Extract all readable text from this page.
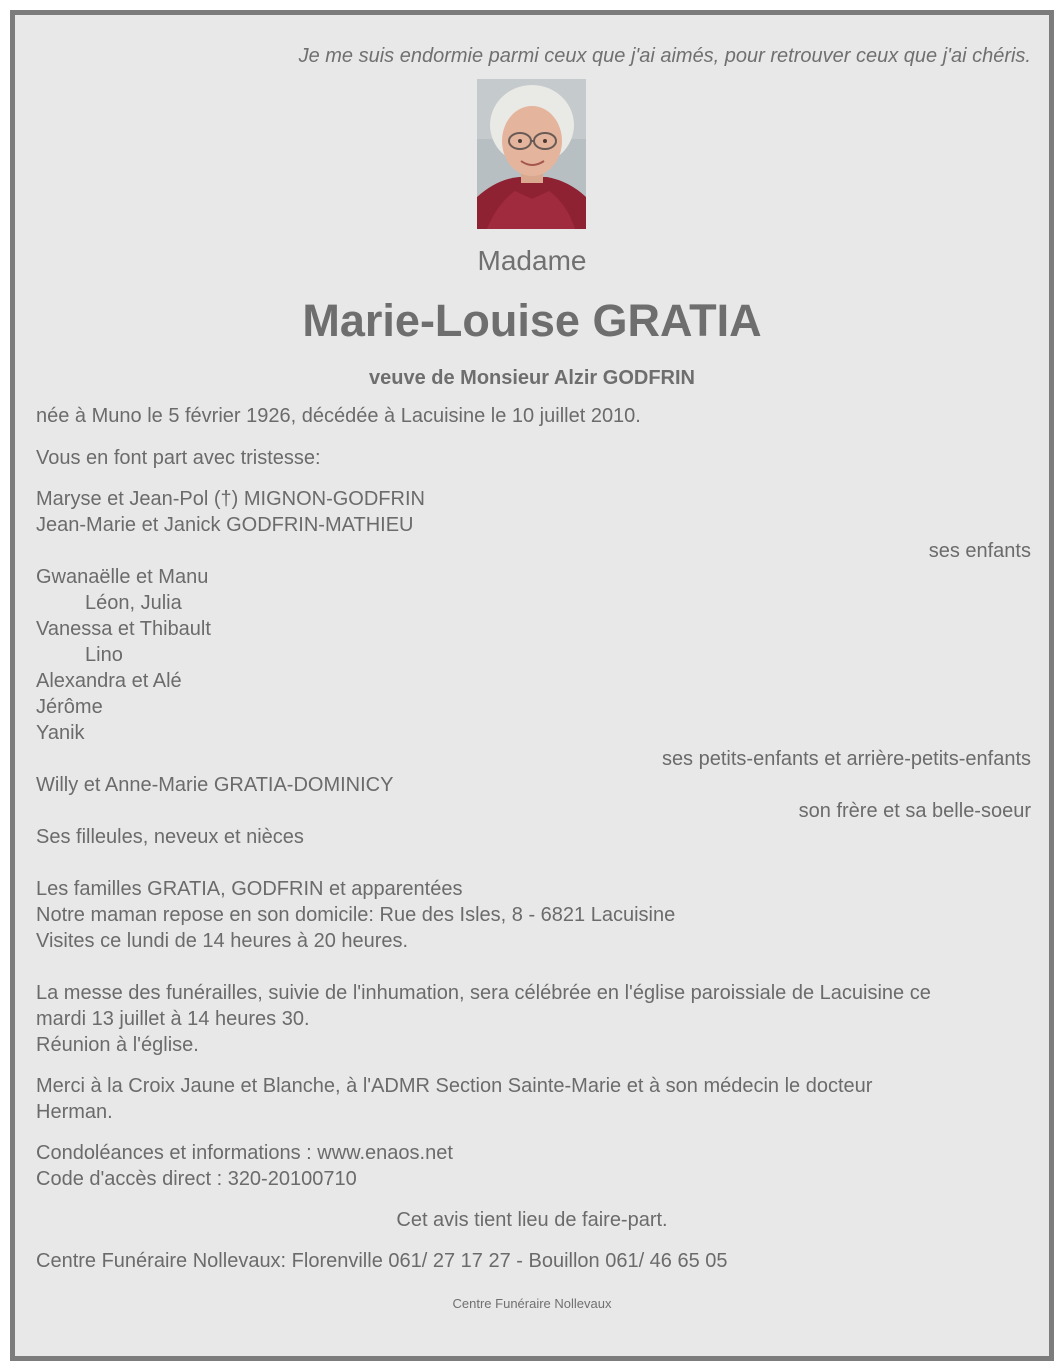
Je me suis endormie parmi ceux que j'ai aimés, pour retrouver ceux que j'ai chéris.
Madame
Marie-Louise GRATIA
veuve de Monsieur Alzir GODFRIN
née à Muno le 5 février 1926, décédée à Lacuisine le 10 juillet 2010.
Vous en font part avec tristesse:
Maryse et Jean-Pol (†) MIGNON-GODFRIN
Jean-Marie et Janick GODFRIN-MATHIEU
ses enfants
Gwanaëlle et Manu
Léon, Julia
Vanessa et Thibault
Lino
Alexandra et Alé
Jérôme
Yanik
ses petits-enfants et arrière-petits-enfants
Willy et Anne-Marie GRATIA-DOMINICY
son frère et sa belle-soeur
Ses filleules, neveux et nièces
Les familles GRATIA, GODFRIN et apparentées
Notre maman repose en son domicile: Rue des Isles, 8 - 6821 Lacuisine
Visites ce lundi de 14 heures à 20 heures.
La messe des funérailles, suivie de l'inhumation, sera célébrée en l'église paroissiale de Lacuisine ce
mardi 13 juillet à 14 heures 30.
Réunion à l'église.
Merci à la Croix Jaune et Blanche, à l'ADMR Section Sainte-Marie et à son médecin le docteur
Herman.
Condoléances et informations : www.enaos.net
Code d'accès direct : 320-20100710
Cet avis tient lieu de faire-part.
Centre Funéraire Nollevaux: Florenville 061/ 27 17 27 - Bouillon 061/ 46 65 05
Centre Funéraire Nollevaux
